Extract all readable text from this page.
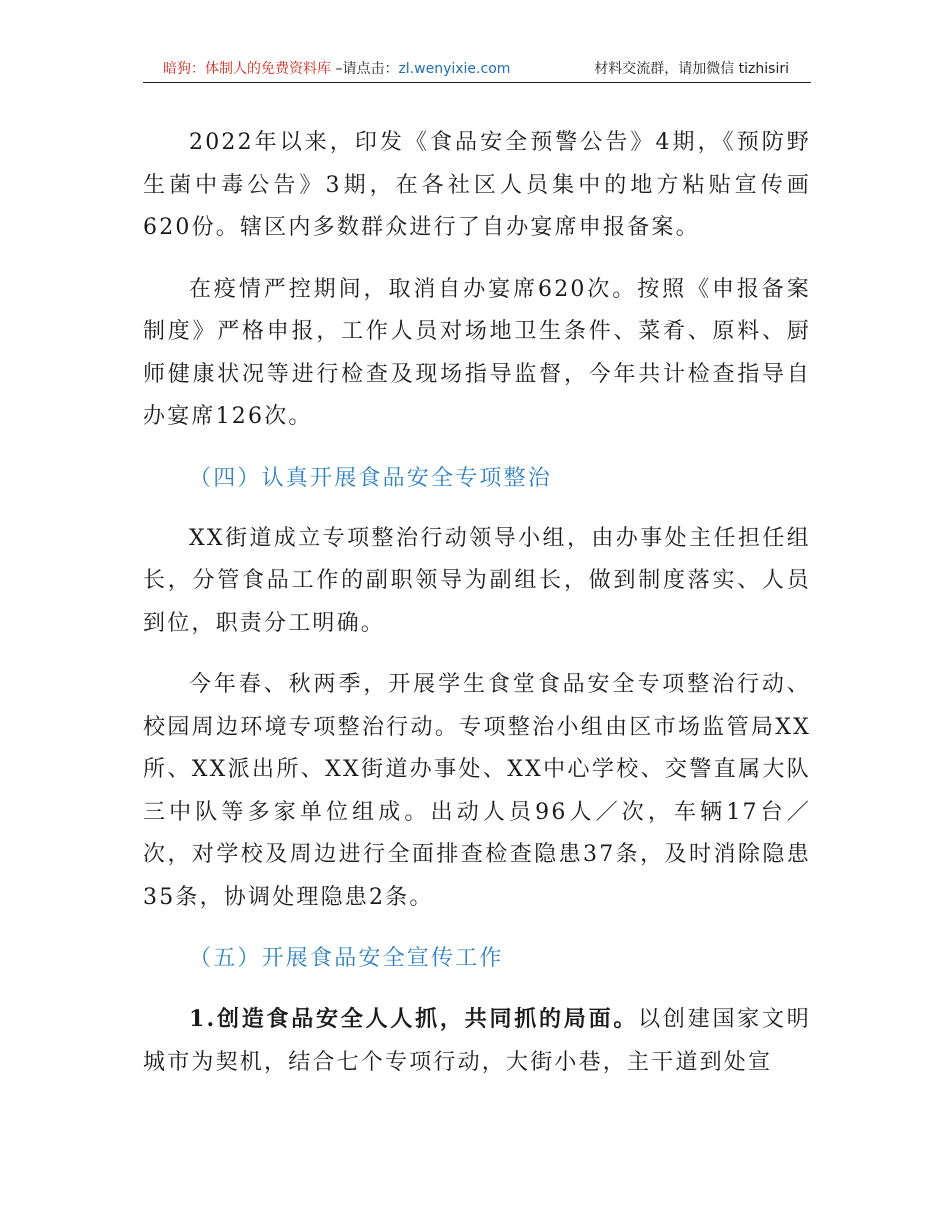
暗狗：体制人的免费资料库 –请点击：zl.wenyixie.com	材料交流群，请加微信 tizhisiri

2022年以来，印发《食品安全预警公告》4期，《预防野生菌中毒公告》3期，在各社区人员集中的地方粘贴宣传画620份。辖区内多数群众进行了自办宴席申报备案。

在疫情严控期间，取消自办宴席620次。按照《申报备案制度》严格申报，工作人员对场地卫生条件、菜肴、原料、厨师健康状况等进行检查及现场指导监督，今年共计检查指导自办宴席126次。

（四）认真开展食品安全专项整治

XX街道成立专项整治行动领导小组，由办事处主任担任组长，分管食品工作的副职领导为副组长，做到制度落实、人员到位，职责分工明确。

今年春、秋两季，开展学生食堂食品安全专项整治行动、校园周边环境专项整治行动。专项整治小组由区市场监管局XX所、XX派出所、XX街道办事处、XX中心学校、交警直属大队三中队等多家单位组成。出动人员96人／次，车辆17台／次，对学校及周边进行全面排查检查隐患37条，及时消除隐患35条，协调处理隐患2条。

（五）开展食品安全宣传工作

1.创造食品安全人人抓，共同抓的局面。以创建国家文明城市为契机，结合七个专项行动，大街小巷，主干道到处宣
